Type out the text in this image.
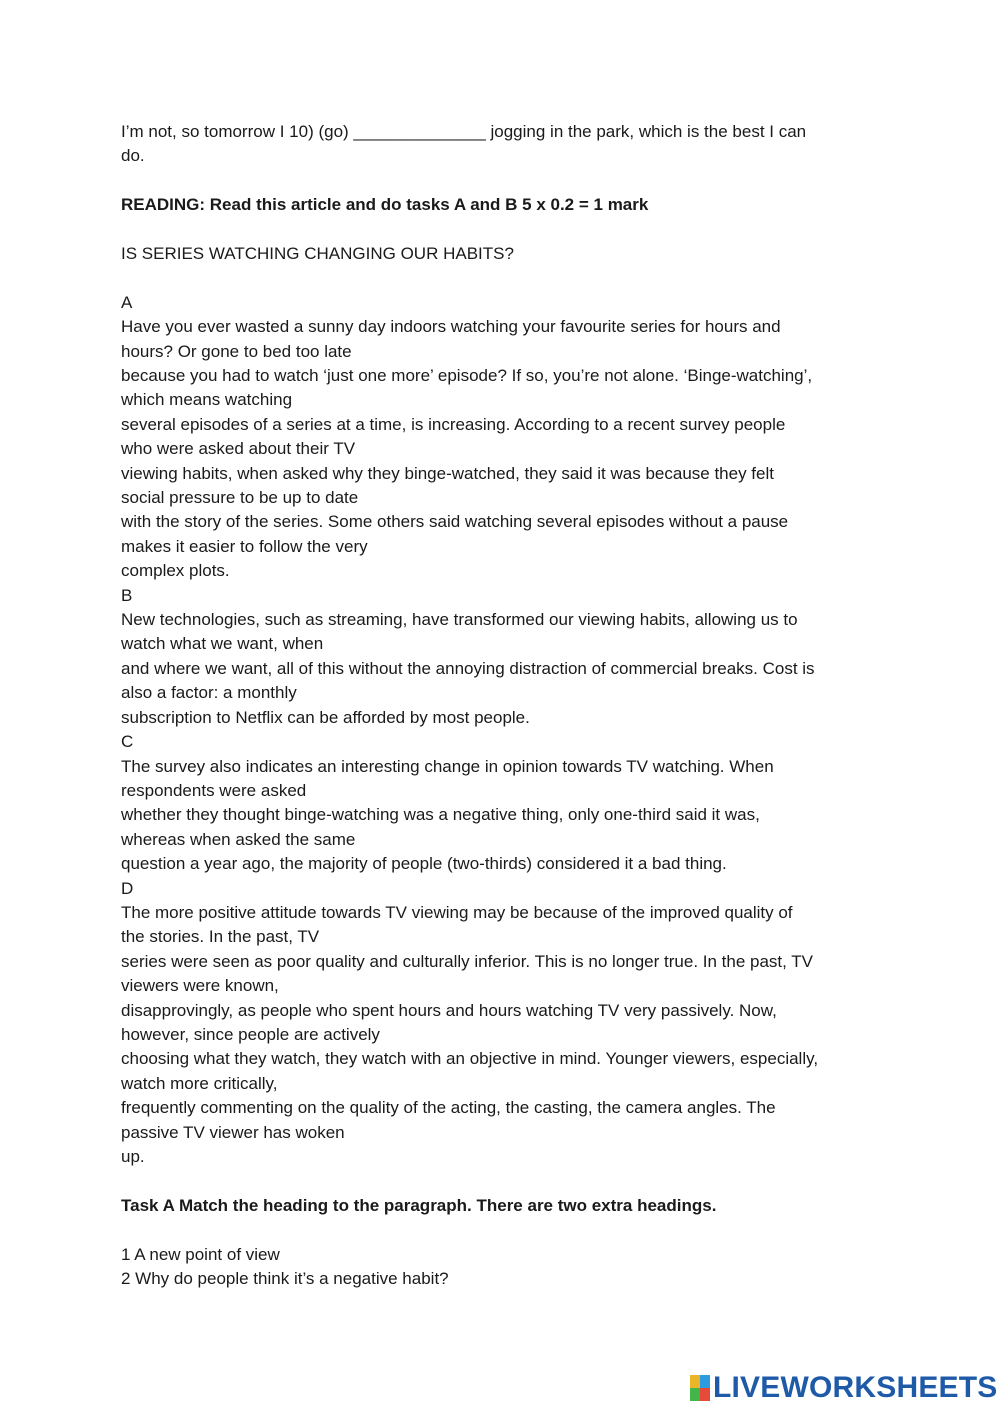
I’m not, so tomorrow I 10) (go) ______________ jogging in the park, which is the best I can
do.
READING: Read this article and do tasks A and B 5 x 0.2 = 1 mark
IS SERIES WATCHING CHANGING OUR HABITS?
A
Have you ever wasted a sunny day indoors watching your favourite series for hours and
hours? Or gone to bed too late
because you had to watch ‘just one more’ episode? If so, you’re not alone. ‘Binge-watching’,
which means watching
several episodes of a series at a time, is increasing. According to a recent survey people
who were asked about their TV
viewing habits, when asked why they binge-watched, they said it was because they felt
social pressure to be up to date
with the story of the series. Some others said watching several episodes without a pause
makes it easier to follow the very
complex plots.
B
New technologies, such as streaming, have transformed our viewing habits, allowing us to
watch what we want, when
and where we want, all of this without the annoying distraction of commercial breaks. Cost is
also a factor: a monthly
subscription to Netflix can be afforded by most people.
C
The survey also indicates an interesting change in opinion towards TV watching. When
respondents were asked
whether they thought binge-watching was a negative thing, only one-third said it was,
whereas when asked the same
question a year ago, the majority of people (two-thirds) considered it a bad thing.
D
The more positive attitude towards TV viewing may be because of the improved quality of
the stories. In the past, TV
series were seen as poor quality and culturally inferior. This is no longer true. In the past, TV
viewers were known,
disapprovingly, as people who spent hours and hours watching TV very passively. Now,
however, since people are actively
choosing what they watch, they watch with an objective in mind. Younger viewers, especially,
watch more critically,
frequently commenting on the quality of the acting, the casting, the camera angles. The
passive TV viewer has woken
up.
Task A Match the heading to the paragraph. There are two extra headings.
1 A new point of view
2 Why do people think it’s a negative habit?
LIVEWORKSHEETS
